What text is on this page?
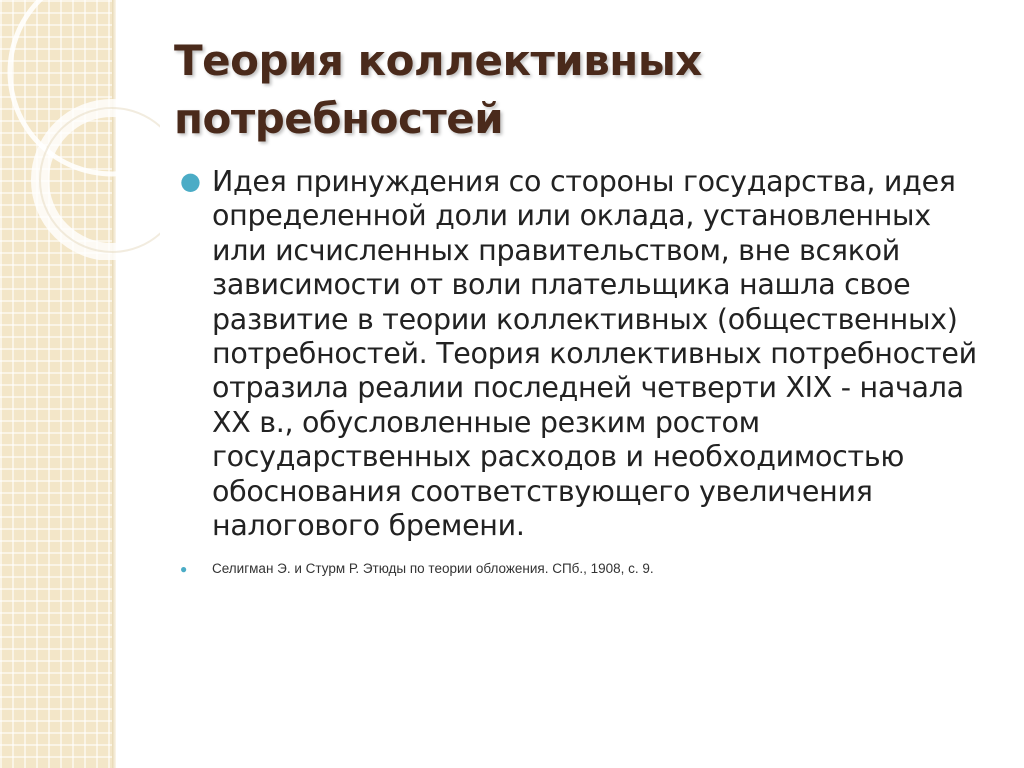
Теория коллективных потребностей
● Идея принуждения со стороны государства, идея определенной доли или оклада, установленных или исчисленных правительством, вне всякой зависимости от воли плательщика нашла свое развитие в теории коллективных (общественных) потребностей. Теория коллективных потребностей отразила реалии последней четверти XIX - начала XX в., обусловленные резким ростом государственных расходов и необходимостью обоснования соответствующего увеличения налогового бремени.
● Селигман Э. и Стурм Р. Этюды по теории обложения. СПб., 1908, с. 9.
